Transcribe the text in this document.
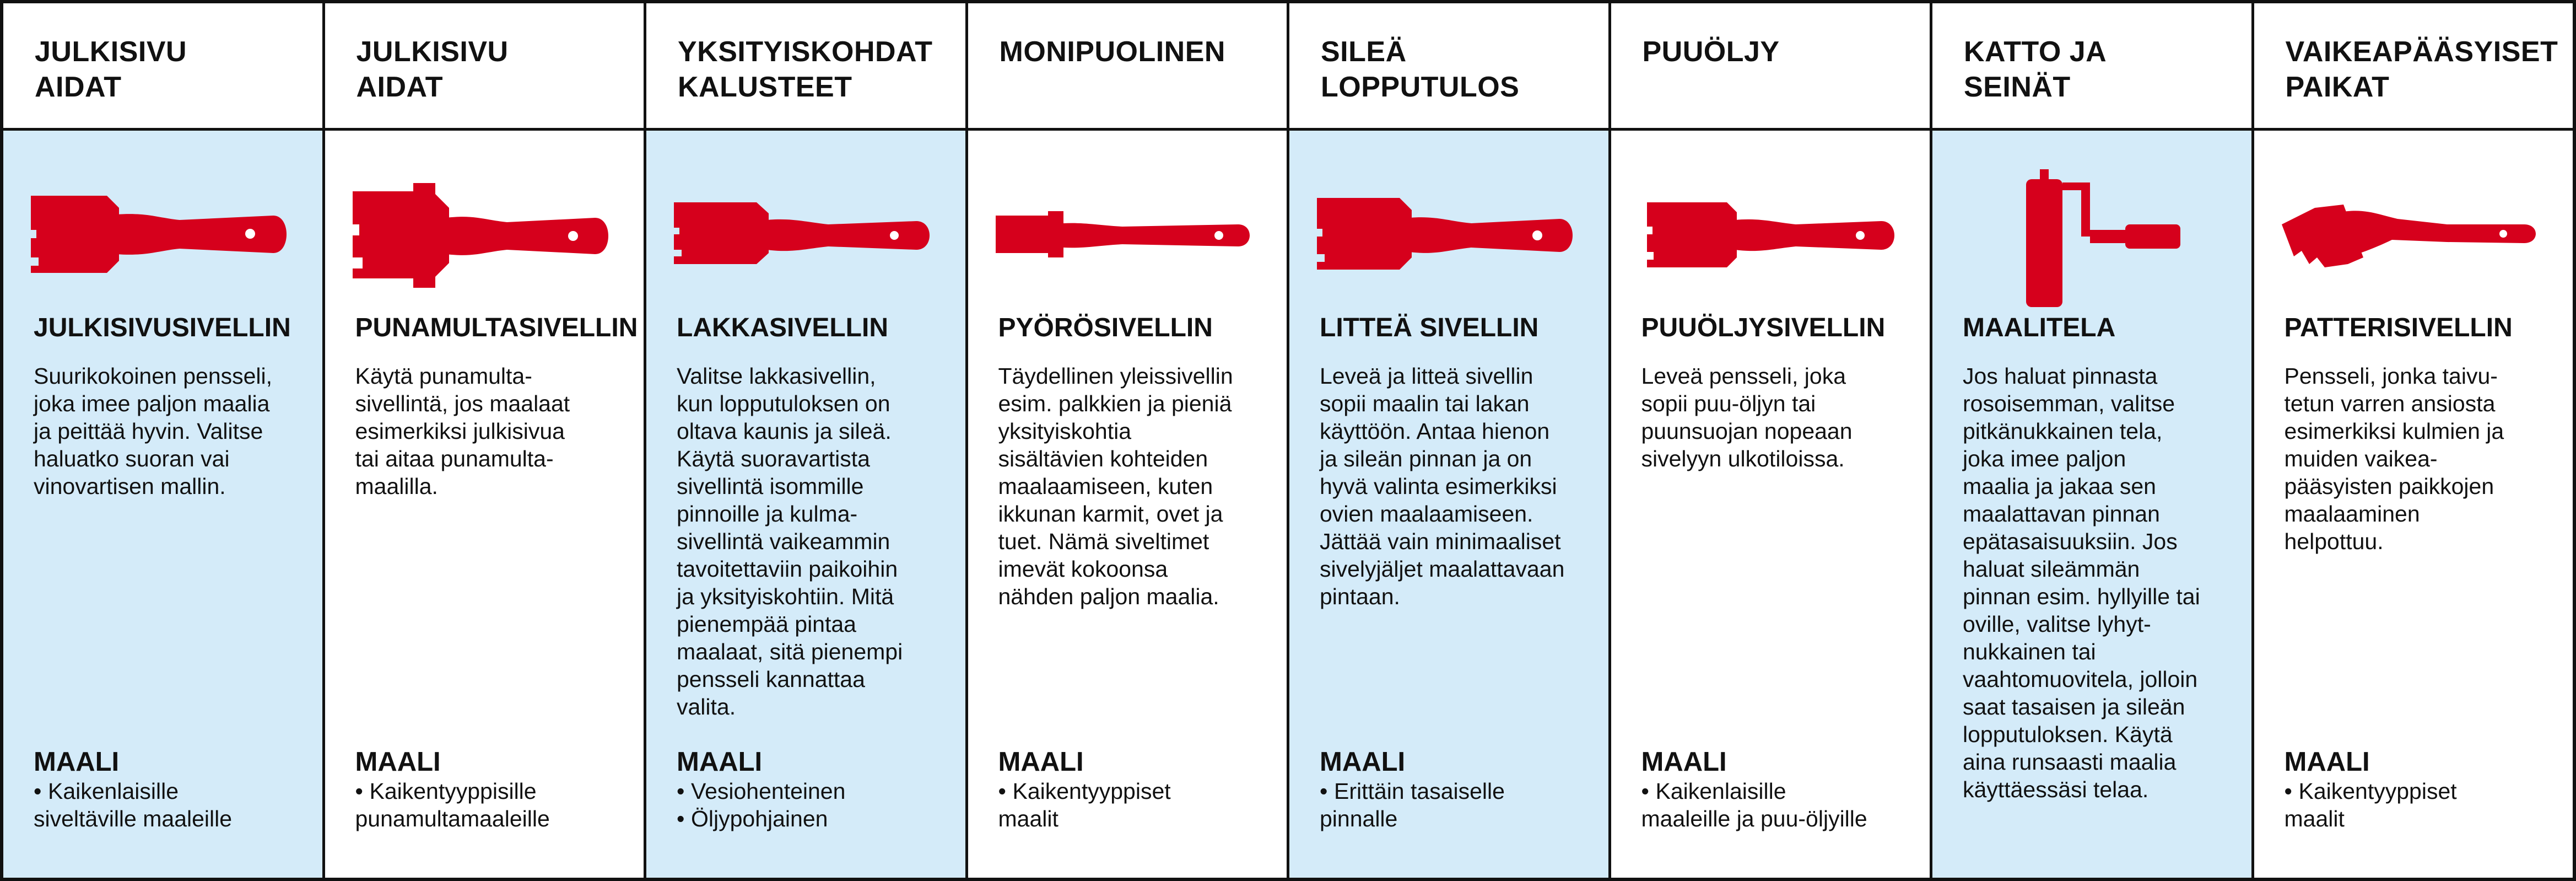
JULKISIVU
AIDAT
JULKISIVUSIVELLIN
Suurikokoinen pensseli,
joka imee paljon maalia
ja peittää hyvin. Valitse
haluatko suoran vai
vinovartisen mallin.
MAALI
• Kaikenlaisille
siveltäville maaleille
JULKISIVU
AIDAT
PUNAMULTASIVELLIN
Käytä punamulta-
sivellintä, jos maalaat
esimerkiksi julkisivua
tai aitaa punamulta-
maalilla.
MAALI
• Kaikentyyppisille
punamultamaaleille
YKSITYISKOHDAT
KALUSTEET
LAKKASIVELLIN
Valitse lakkasivellin,
kun lopputuloksen on
oltava kaunis ja sileä.
Käytä suoravartista
sivellintä isommille
pinnoille ja kulma-
sivellintä vaikeammin
tavoitettaviin paikoihin
ja yksityiskohtiin. Mitä
pienempää pintaa
maalaat, sitä pienempi
pensseli kannattaa
valita.
MAALI
• Vesiohenteinen
• Öljypohjainen
MONIPUOLINEN
PYÖRÖSIVELLIN
Täydellinen yleissivellin
esim. palkkien ja pieniä
yksityiskohtia
sisältävien kohteiden
maalaamiseen, kuten
ikkunan karmit, ovet ja
tuet. Nämä siveltimet
imevät kokoonsa
nähden paljon maalia.
MAALI
• Kaikentyyppiset
maalit
SILEÄ
LOPPUTULOS
LITTEÄ SIVELLIN
Leveä ja litteä sivellin
sopii maalin tai lakan
käyttöön. Antaa hienon
ja sileän pinnan ja on
hyvä valinta esimerkiksi
ovien maalaamiseen.
Jättää vain minimaaliset
sivelyjäljet maalattavaan
pintaan.
MAALI
• Erittäin tasaiselle
pinnalle
PUUÖLJY
PUUÖLJYSIVELLIN
Leveä pensseli, joka
sopii puu-öljyn tai
puunsuojan nopeaan
sivelyyn ulkotiloissa.
MAALI
• Kaikenlaisille
maaleille ja puu-öljyille
KATTO JA
SEINÄT
MAALITELA
Jos haluat pinnasta
rosoisemman, valitse
pitkänukkainen tela,
joka imee paljon
maalia ja jakaa sen
maalattavan pinnan
epätasaisuuksiin. Jos
haluat sileämmän
pinnan esim. hyllyille tai
oville, valitse lyhyt-
nukkainen tai
vaahtomuovitela, jolloin
saat tasaisen ja sileän
lopputuloksen. Käytä
aina runsaasti maalia
käyttäessäsi telaa.
VAIKEAPÄÄSYISET
PAIKAT
PATTERISIVELLIN
Pensseli, jonka taivu-
tetun varren ansiosta
esimerkiksi kulmien ja
muiden vaikea-
pääsyisten paikkojen
maalaaminen
helpottuu.
MAALI
• Kaikentyyppiset
maalit
